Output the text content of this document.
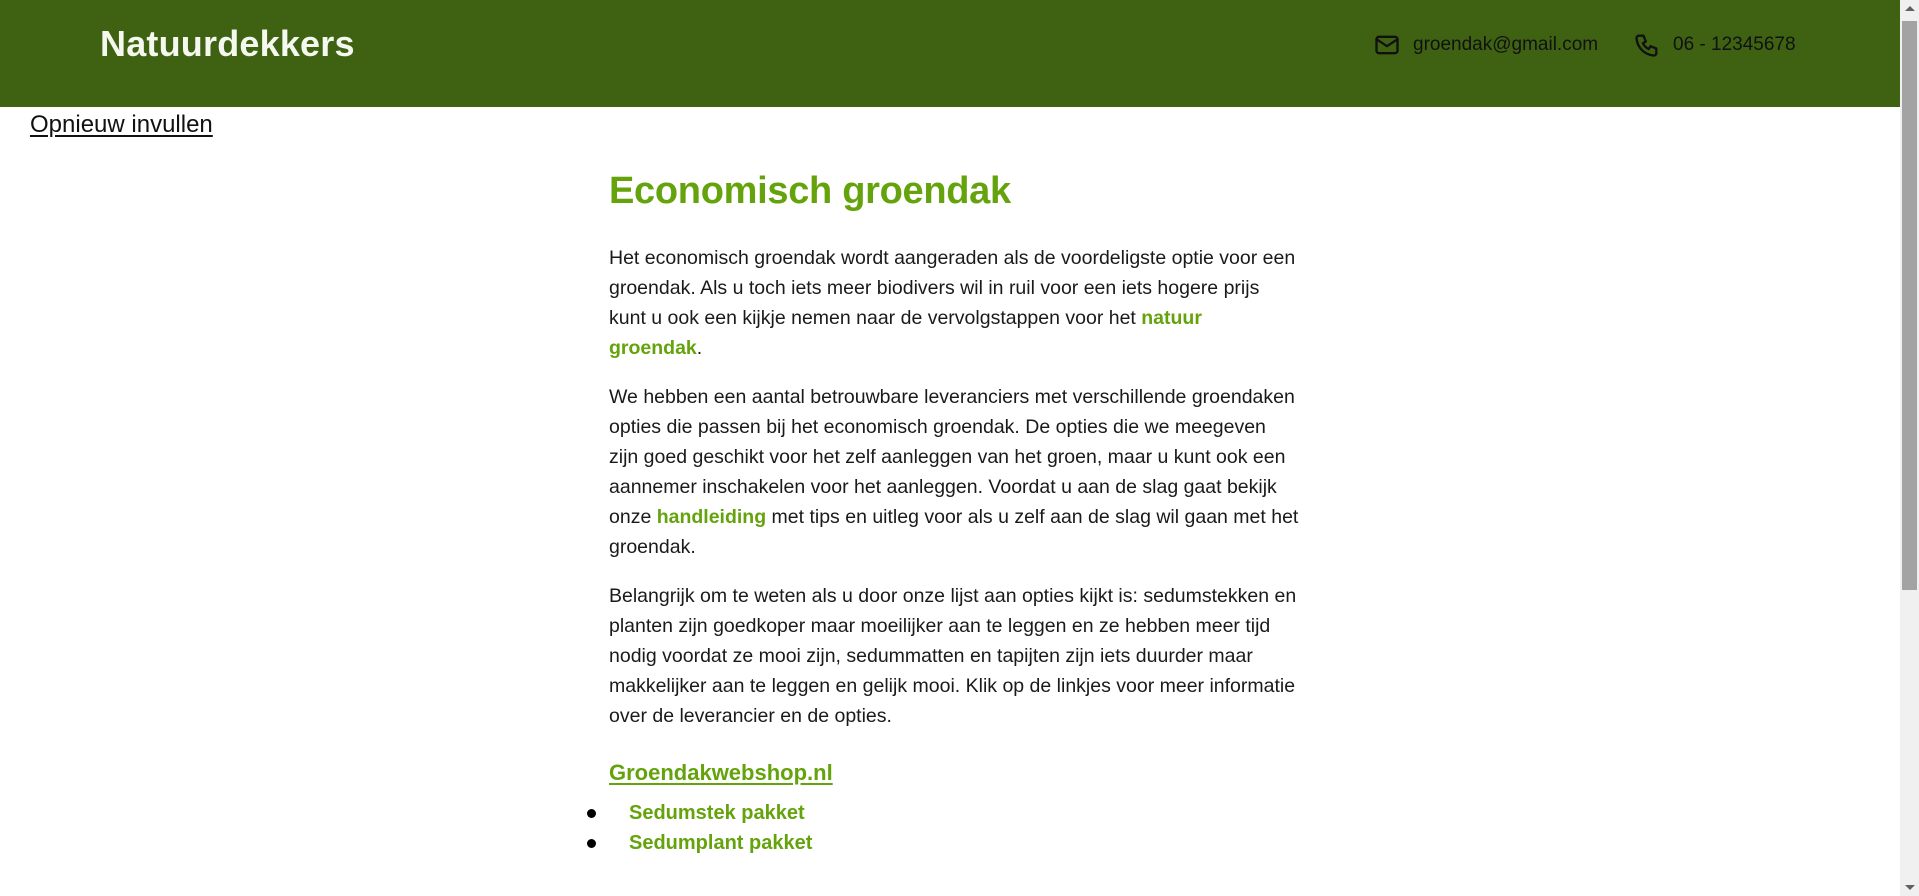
Natuurdekkers	groendak@gmail.com	06 - 12345678
Opnieuw invullen
Economisch groendak

Het economisch groendak wordt aangeraden als de voordeligste optie voor een groendak. Als u toch iets meer biodivers wil in ruil voor een iets hogere prijs kunt u ook een kijkje nemen naar de vervolgstappen voor het natuur groendak.

We hebben een aantal betrouwbare leveranciers met verschillende groendaken opties die passen bij het economisch groendak. De opties die we meegeven zijn goed geschikt voor het zelf aanleggen van het groen, maar u kunt ook een aannemer inschakelen voor het aanleggen. Voordat u aan de slag gaat bekijk onze handleiding met tips en uitleg voor als u zelf aan de slag wil gaan met het groendak.

Belangrijk om te weten als u door onze lijst aan opties kijkt is: sedumstekken en planten zijn goedkoper maar moeilijker aan te leggen en ze hebben meer tijd nodig voordat ze mooi zijn, sedummatten en tapijten zijn iets duurder maar makkelijker aan te leggen en gelijk mooi. Klik op de linkjes voor meer informatie over de leverancier en de opties.

Groendakwebshop.nl
Sedumstek pakket
Sedumplant pakket
